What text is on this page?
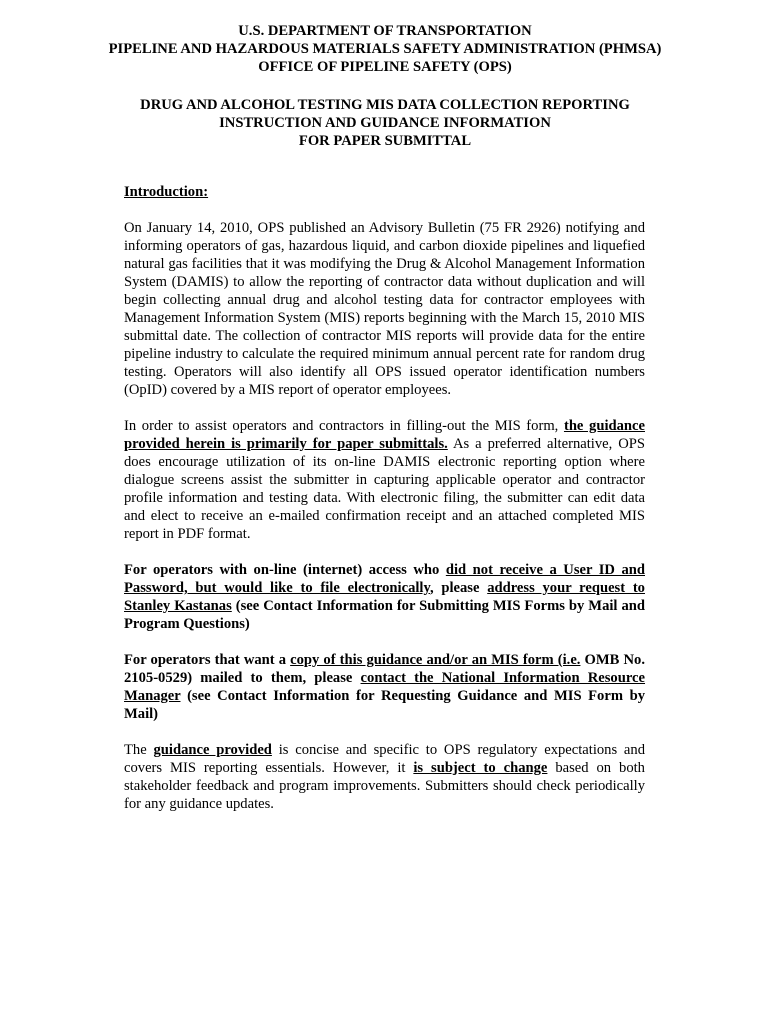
U.S. DEPARTMENT OF TRANSPORTATION
PIPELINE AND HAZARDOUS MATERIALS SAFETY ADMINISTRATION (PHMSA)
OFFICE OF PIPELINE SAFETY (OPS)
DRUG AND ALCOHOL TESTING MIS DATA COLLECTION REPORTING
INSTRUCTION AND GUIDANCE INFORMATION
FOR PAPER SUBMITTAL
Introduction:

On January 14, 2010, OPS published an Advisory Bulletin (75 FR 2926) notifying and informing operators of gas, hazardous liquid, and carbon dioxide pipelines and liquefied natural gas facilities that it was modifying the Drug & Alcohol Management Information System (DAMIS) to allow the reporting of contractor data without duplication and will begin collecting annual drug and alcohol testing data for contractor employees with Management Information System (MIS) reports beginning with the March 15, 2010 MIS submittal date. The collection of contractor MIS reports will provide data for the entire pipeline industry to calculate the required minimum annual percent rate for random drug testing. Operators will also identify all OPS issued operator identification numbers (OpID) covered by a MIS report of operator employees.

In order to assist operators and contractors in filling-out the MIS form, the guidance provided herein is primarily for paper submittals. As a preferred alternative, OPS does encourage utilization of its on-line DAMIS electronic reporting option where dialogue screens assist the submitter in capturing applicable operator and contractor profile information and testing data. With electronic filing, the submitter can edit data and elect to receive an e-mailed confirmation receipt and an attached completed MIS report in PDF format.

For operators with on-line (internet) access who did not receive a User ID and Password, but would like to file electronically, please address your request to Stanley Kastanas (see Contact Information for Submitting MIS Forms by Mail and Program Questions)

For operators that want a copy of this guidance and/or an MIS form (i.e. OMB No. 2105-0529) mailed to them, please contact the National Information Resource Manager (see Contact Information for Requesting Guidance and MIS Form by Mail)

The guidance provided is concise and specific to OPS regulatory expectations and covers MIS reporting essentials. However, it is subject to change based on both stakeholder feedback and program improvements. Submitters should check periodically for any guidance updates.
